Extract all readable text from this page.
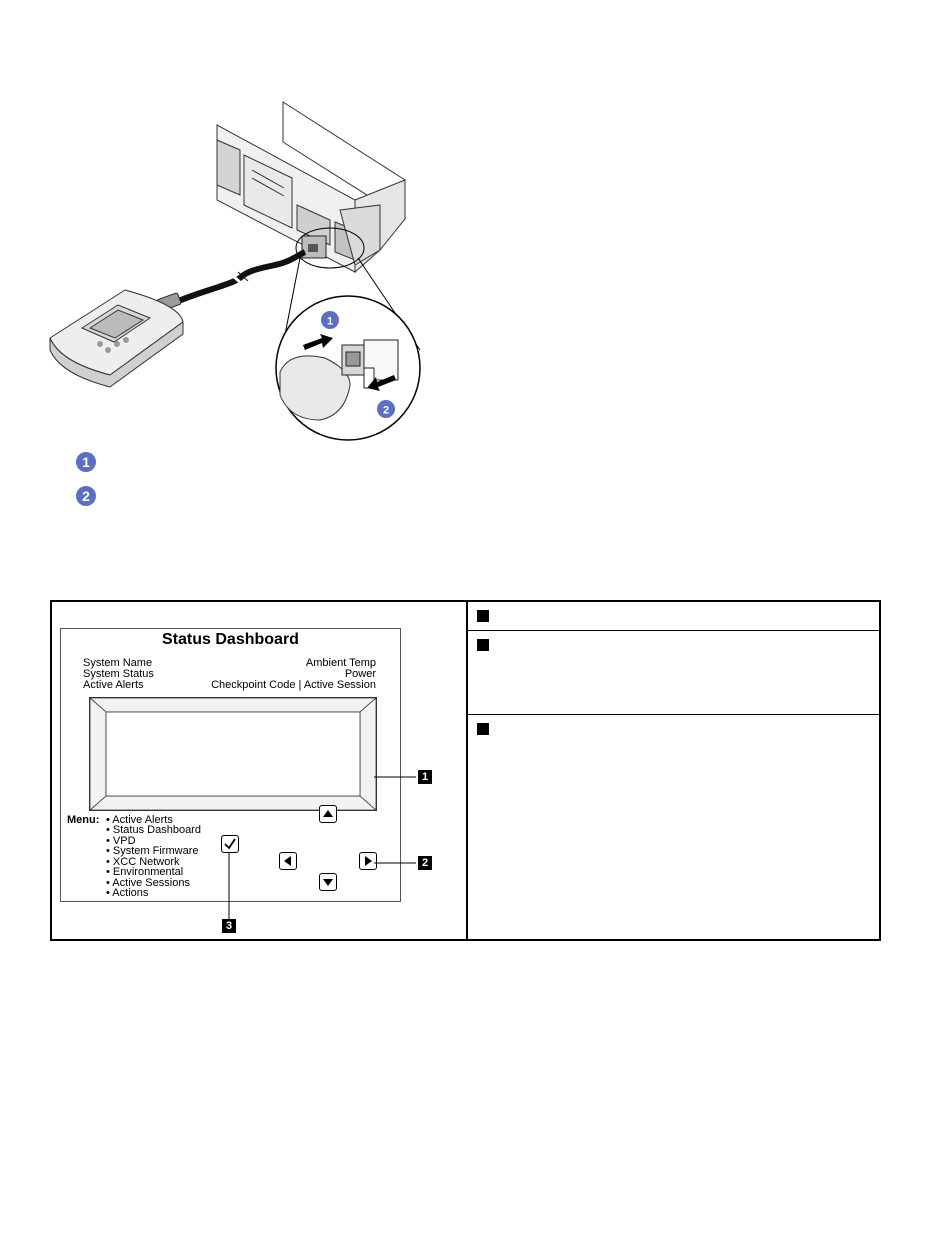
1
2
1
2
Status Dashboard
System Name
System Status
Active Alerts
Ambient Temp
Power
Checkpoint Code | Active Session
Menu: • Active Alerts
• Status Dashboard
• VPD
• System Firmware
• XCC Network
• Environmental
• Active Sessions
• Actions
1
2
3
